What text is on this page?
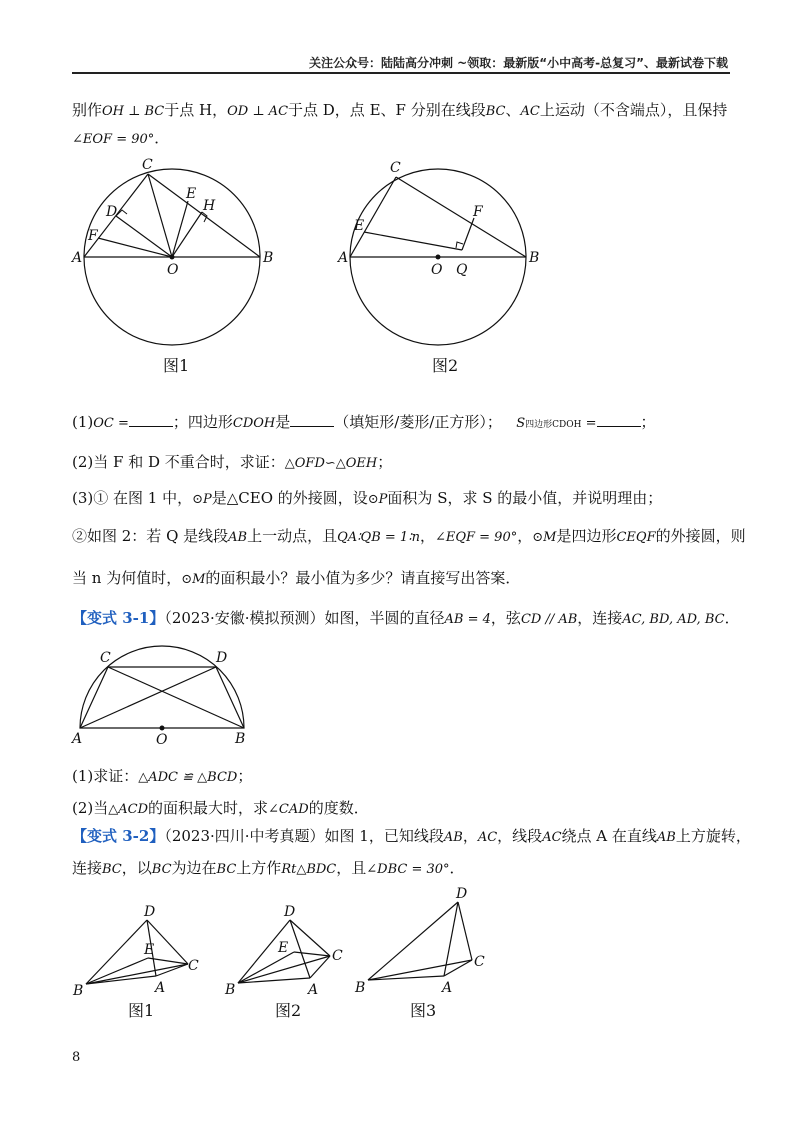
关注公众号：陆陆高分冲刺 ~领取：最新版“小中高考-总复习”、最新试卷下载
别作OH ⊥ BC于点 H，OD ⊥ AC于点 D，点 E、F 分别在线段BC、AC上运动（不含端点），且保持
∠EOF = 90°．
A	B
C
D
E
F
H
O
图1
A	B
C
E
F
O Q
图2
(1)OC =	；四边形CDOH是	（填矩形/菱形/正方形）； S四边形CDOH =	；
(2)当 F 和 D 不重合时，求证：△OFD∽△OEH；
(3)① 在图 1 中，⊙P是△CEO 的外接圆，设⊙P面积为 S，求 S 的最小值，并说明理由；
②如图 2：若 Q 是线段AB上一动点，且QA∶QB = 1∶n，∠EQF = 90°，⊙M是四边形CEQF的外接圆，则
当 n 为何值时，⊙M的面积最小？最小值为多少？请直接写出答案．
【变式 3-1】（2023·安徽·模拟预测）如图，半圆的直径AB = 4，弦CD // AB，连接AC, BD, AD, BC．
A	B
C	D
O
(1)求证：△ADC ≌ △BCD；
(2)当△ACD的面积最大时，求∠CAD的度数．
【变式 3-2】（2023·四川·中考真题）如图 1，已知线段AB，AC，线段AC绕点 A 在直线AB上方旋转，
连接BC，以BC为边在BC上方作Rt△BDC，且∠DBC = 30°．
B
D
E
C
A
图1
B
D
E	C
A
图2
B
D
C
A
图3
8
